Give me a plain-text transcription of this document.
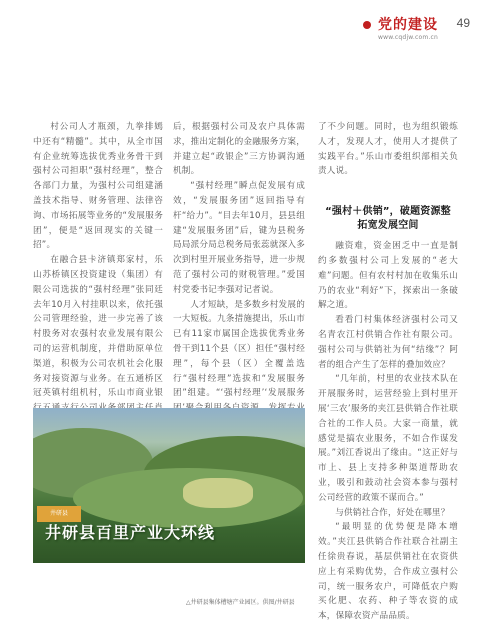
党的建设
www.cqdjw.com.cn
49

村公司人才瓶颈，九拳排嫣中还有“精髓”。其中，从全市国有企业统筹选拔优秀业务骨干到强村公司担职“强村经理”，整合各部门力量，为强村公司组建涵盖技术指导、财务管理、法律咨询、市场拓展等业务的“发展服务团”，便是“返回现实的关键一招”。

在融合县卡济镇郑家村，乐山苏桥镇区投资建设（集团）有限公司选拔的“强村经理”张同廷去年10月入村挂职以来，依托强公司管理经验，进一步完善了该村股务对农强村农业发展有限公司的运营机制度，并借助原单位渠道，积极为公司农机社会化服务对接资源与业务。在五通桥区冠英镇村组机村，乐山市商业银

后，根据强村公司及农户具体需求，推出定制化的金融服务方案，并建立起“政银企”三方协调沟通机制。

“强村经理”瞬点促发展有成效，“发展服务团”返回指导有杆“给力”。“目去年10月，县县组建“发展服务团”后，键为县税务局局派分局总税务局张蕊就深入多次到村里开展业务指导，进一步规范了强村公司的财税管理。”爱国村党委书记李强对记者说。

人才短缺，是多数乡村发展的一大短板。九条措施提出，乐山市已有11家市属国企选拔优秀业务骨干到11个县（区）担任“强村经理”，每个县（区）全覆盖选行“强村经理”选拔和“发展服务团”组建。“‘强村经理’‘发展服务

了不少问题。同时，也为组织锻炼人才，发现人才，使用人才提供了实践平台。”乐山市委组织部相关负责人说。

“强村＋供销”，破题资源整

拓宽发展空间

融资难，资金困乏中一直是制约多数强村公司上发展的“老大难”问题。但有农村村加在收集乐山乃的农业“利好”下，探索出一条破解之道。

看看门村集体经济强村公司又名青农江村供销合作社有限公司。强村公司与供销社为何“结缘”？阿者的组合产生了怎样的叠加效应？

“几年前，村里的农业技术队在开展服务时，运营经验上到村里开展‘三农’服务的夹江县供销合作社联合社的工作人员。大家一商量，就感觉是搞农业服务，不如合作谋发展。”刘江香说出了缘由。“这正好与市上、县上支持多种渠道帮助农业，吸引和鼓动社会资本参与强村公司经营的政策不谋而合。”

与供销社合作，好处在哪里？

“最明显的优势便是降本增效。”夹江县供销合作社联合社副主任徐贵春说，基层供销社在农资供应上有采购优势，合作成立强村公司，统一服务农户，可降低农户购买化肥、农药、种子等农资的成本，保障农资产品品质。

井研县
井研县百里产业大环线
△井研县集体槽塘产业园区。供图/井研县
